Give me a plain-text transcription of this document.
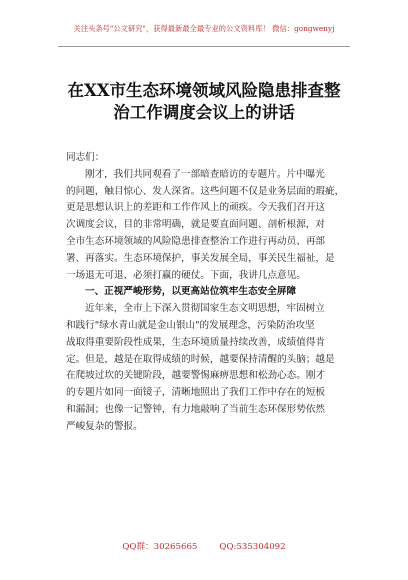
关注头条号"公文研究"，获得最新最全最专业的公文资料库！ 微信：gongwenyj
在XX市生态环境领域风险隐患排查整
治工作调度会议上的讲话
同志们：
刚才，我们共同观看了一部暗查暗访的专题片。片中曝光
的问题，触目惊心、发人深省。这些问题不仅是业务层面的瑕疵，
更是思想认识上的差距和工作作风上的顽疾。今天我们召开这
次调度会议，目的非常明确，就是要直面问题、剖析根源，对
全市生态环境领域的风险隐患排查整治工作进行再动员、再部
署、再落实。生态环境保护，事关发展全局，事关民生福祉，是
一场退无可退、必须打赢的硬仗。下面，我讲几点意见。
一、正视严峻形势，以更高站位筑牢生态安全屏障
近年来，全市上下深入贯彻国家生态文明思想，牢固树立
和践行"绿水青山就是金山银山"的发展理念，污染防治攻坚
战取得重要阶段性成果，生态环境质量持续改善，成绩值得肯
定。但是，越是在取得成绩的时候，越要保持清醒的头脑；越是
在爬坡过坎的关键阶段，越要警惕麻痹思想和松劲心态。刚才
的专题片如同一面镜子，清晰地照出了我们工作中存在的短板
和漏洞；也像一记警钟，有力地敲响了当前生态环保形势依然
严峻复杂的警报。
QQ群：30265665	QQ:535304092
